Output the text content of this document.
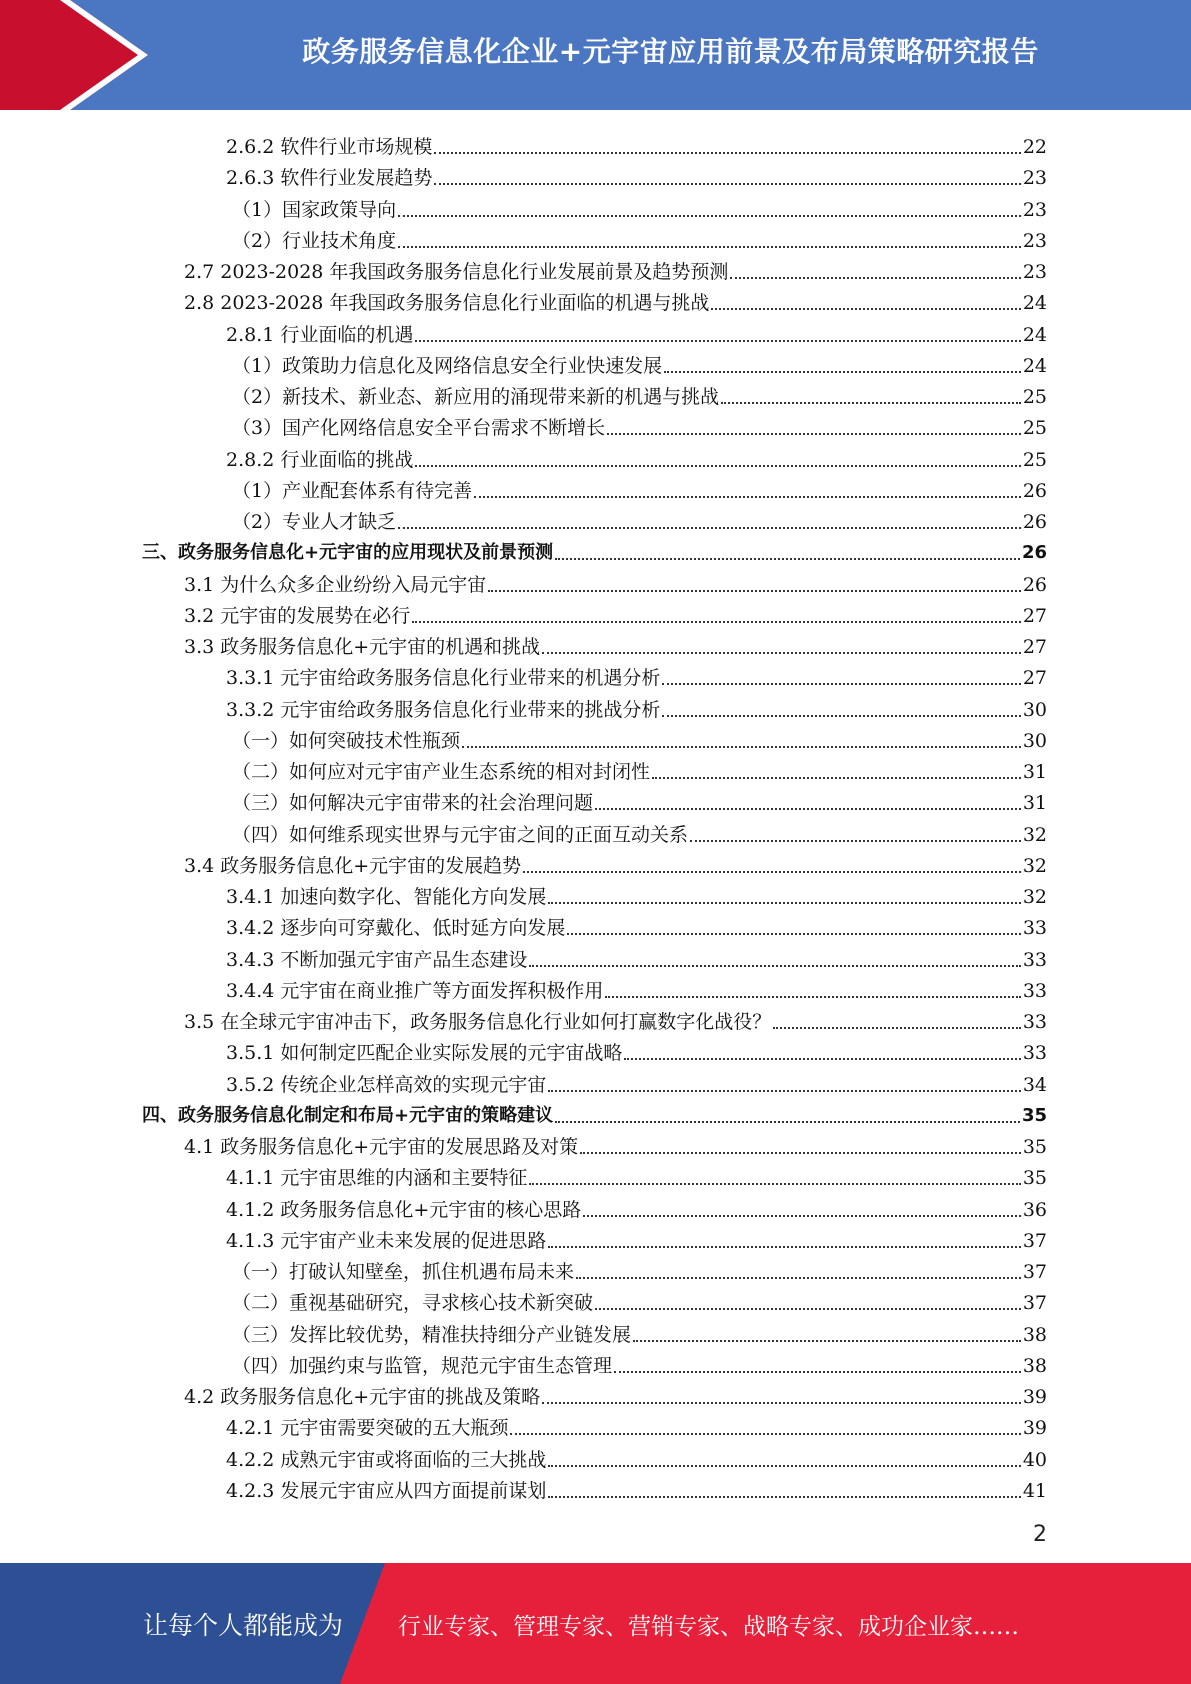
政务服务信息化企业+元宇宙应用前景及布局策略研究报告
2.6.2 软件行业市场规模	22
2.6.3 软件行业发展趋势	23
（1）国家政策导向	23
（2）行业技术角度	23
2.7 2023-2028 年我国政务服务信息化行业发展前景及趋势预测	23
2.8 2023-2028 年我国政务服务信息化行业面临的机遇与挑战	24
2.8.1 行业面临的机遇	24
（1）政策助力信息化及网络信息安全行业快速发展	24
（2）新技术、新业态、新应用的涌现带来新的机遇与挑战	25
（3）国产化网络信息安全平台需求不断增长	25
2.8.2 行业面临的挑战	25
（1）产业配套体系有待完善	26
（2）专业人才缺乏	26
三、政务服务信息化+元宇宙的应用现状及前景预测	26
3.1 为什么众多企业纷纷入局元宇宙	26
3.2 元宇宙的发展势在必行	27
3.3 政务服务信息化+元宇宙的机遇和挑战	27
3.3.1 元宇宙给政务服务信息化行业带来的机遇分析	27
3.3.2 元宇宙给政务服务信息化行业带来的挑战分析	30
（一）如何突破技术性瓶颈	30
（二）如何应对元宇宙产业生态系统的相对封闭性	31
（三）如何解决元宇宙带来的社会治理问题	31
（四）如何维系现实世界与元宇宙之间的正面互动关系	32
3.4 政务服务信息化+元宇宙的发展趋势	32
3.4.1 加速向数字化、智能化方向发展	32
3.4.2 逐步向可穿戴化、低时延方向发展	33
3.4.3 不断加强元宇宙产品生态建设	33
3.4.4 元宇宙在商业推广等方面发挥积极作用	33
3.5 在全球元宇宙冲击下，政务服务信息化行业如何打赢数字化战役？	33
3.5.1 如何制定匹配企业实际发展的元宇宙战略	33
3.5.2 传统企业怎样高效的实现元宇宙	34
四、政务服务信息化制定和布局+元宇宙的策略建议	35
4.1 政务服务信息化+元宇宙的发展思路及对策	35
4.1.1 元宇宙思维的内涵和主要特征	35
4.1.2 政务服务信息化+元宇宙的核心思路	36
4.1.3 元宇宙产业未来发展的促进思路	37
（一）打破认知壁垒，抓住机遇布局未来	37
（二）重视基础研究，寻求核心技术新突破	37
（三）发挥比较优势，精准扶持细分产业链发展	38
（四）加强约束与监管，规范元宇宙生态管理	38
4.2 政务服务信息化+元宇宙的挑战及策略	39
4.2.1 元宇宙需要突破的五大瓶颈	39
4.2.2 成熟元宇宙或将面临的三大挑战	40
4.2.3 发展元宇宙应从四方面提前谋划	41
2
让每个人都能成为 行业专家、管理专家、营销专家、战略专家、成功企业家……
